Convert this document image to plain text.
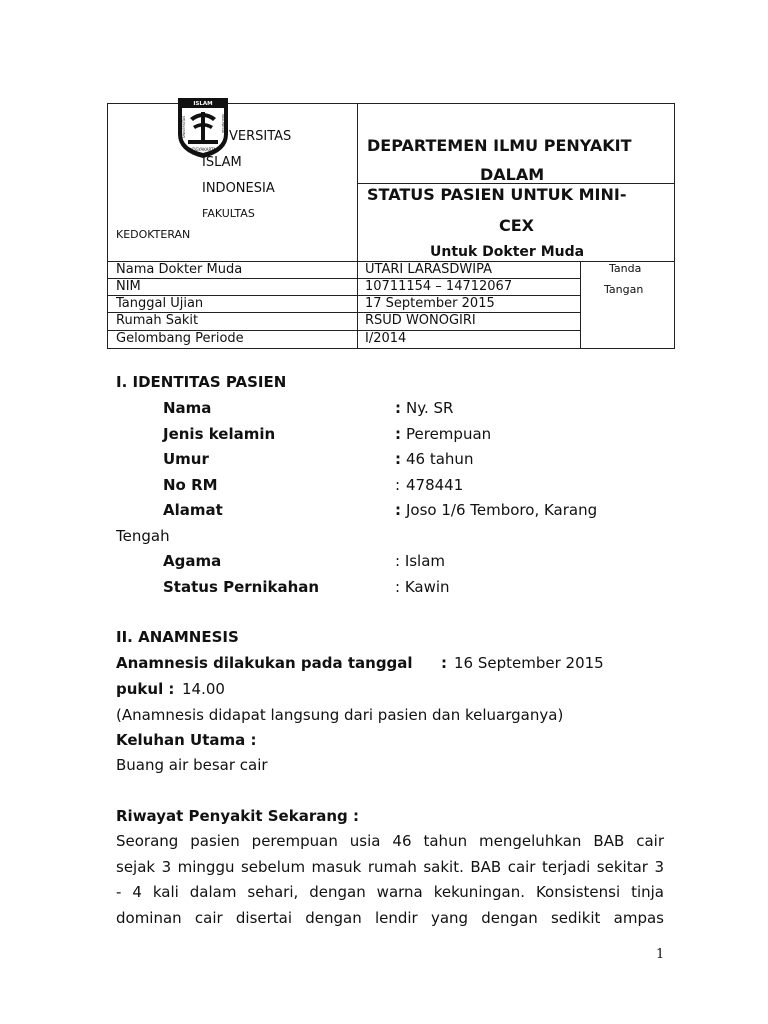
ISLAM
UNIVERSITAS	INDONESIA
YOGYAKARTA
VERSITAS
ISLAM
INDONESIA
FAKULTAS
KEDOKTERAN
DEPARTEMEN ILMU PENYAKIT
DALAM
STATUS PASIEN UNTUK MINI-
CEX
Untuk Dokter Muda
Nama Dokter Muda	UTARI LARASDWIPA
NIM	10711154 – 14712067
Tanggal Ujian	17 September 2015
Rumah Sakit	RSUD WONOGIRI
Gelombang Periode	I/2014
Tanda
Tangan
I. IDENTITAS PASIEN
Nama	: Ny. SR
Jenis kelamin	: Perempuan
Umur	: 46 tahun
No RM	: 478441
Alamat	: Joso 1/6 Temboro, Karang
Tengah
Agama	: Islam
Status Pernikahan	: Kawin
II. ANAMNESIS
Anamnesis dilakukan pada tanggal : 16 September 2015
pukul : 14.00
(Anamnesis didapat langsung dari pasien dan keluarganya)
Keluhan Utama :
Buang air besar cair
Riwayat Penyakit Sekarang :
Seorang pasien perempuan usia 46 tahun mengeluhkan BAB cair
sejak 3 minggu sebelum masuk rumah sakit. BAB cair terjadi sekitar 3
- 4 kali dalam sehari, dengan warna kekuningan. Konsistensi tinja
dominan cair disertai dengan lendir yang dengan sedikit ampas
1
